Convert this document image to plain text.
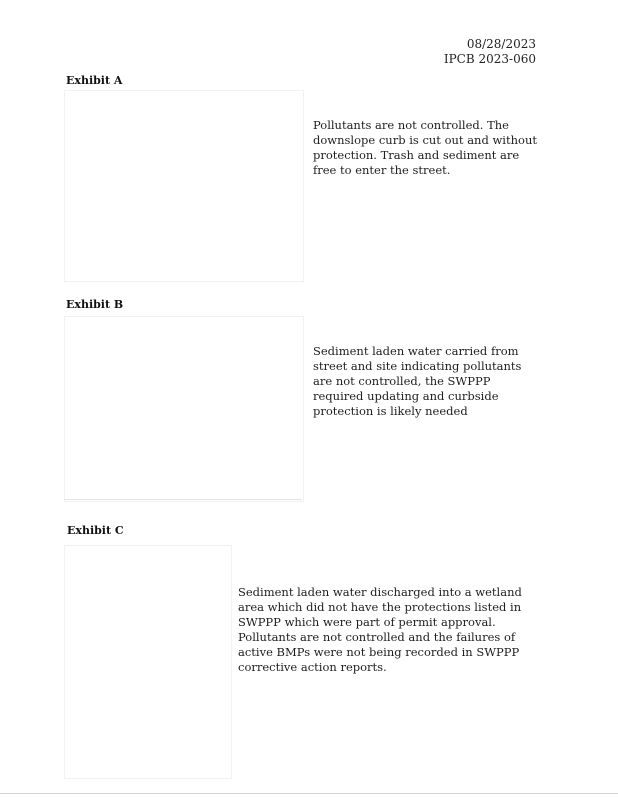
08/28/2023
IPCB 2023-060
Exhibit A
Pollutants are not controlled. The
downslope curb is cut out and without
protection. Trash and sediment are
free to enter the street.
Exhibit B
Sediment laden water carried from
street and site indicating pollutants
are not controlled, the SWPPP
required updating and curbside
protection is likely needed
Exhibit C
Sediment laden water discharged into a wetland
area which did not have the protections listed in
SWPPP which were part of permit approval.
Pollutants are not controlled and the failures of
active BMPs were not being recorded in SWPPP
corrective action reports.
